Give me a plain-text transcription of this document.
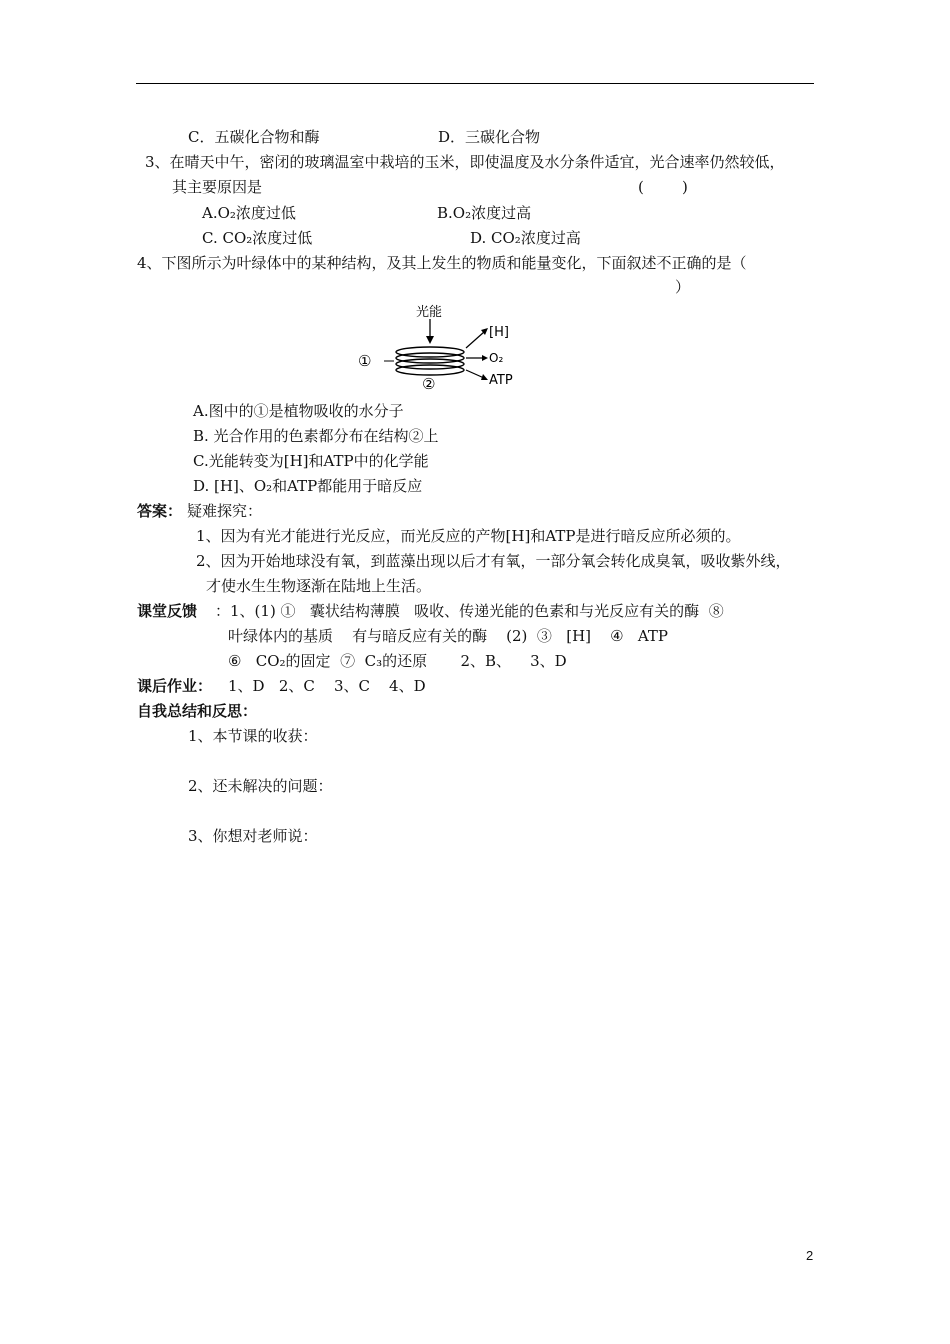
C．五碳化合物和酶	D．三碳化合物
3、在晴天中午，密闭的玻璃温室中栽培的玉米，即使温度及水分条件适宜，光合速率仍然较低，
其主要原因是	(        )
A.O₂浓度过低	B.O₂浓度过高
C. CO₂浓度过低	D. CO₂浓度过高
4、下图所示为叶绿体中的某种结构，及其上发生的物质和能量变化，下面叙述不正确的是（
）
光能
①
②
[H]
O₂
ATP
A.图中的①是植物吸收的水分子
B. 光合作用的色素都分布在结构②上
C.光能转变为[H]和ATP中的化学能
D. [H]、O₂和ATP都能用于暗反应
答案： 疑难探究：
1、因为有光才能进行光反应，而光反应的产物[H]和ATP是进行暗反应所必须的。
2、因为开始地球没有氧，到蓝藻出现以后才有氧，一部分氧会转化成臭氧，吸收紫外线，
才使水生生物逐渐在陆地上生活。
课堂反馈 ：1、(1) ①   囊状结构薄膜   吸收、传递光能的色素和与光反应有关的酶  ⑧
叶绿体内的基质    有与暗反应有关的酶    (2)  ③   [H]    ④   ATP
⑥   CO₂的固定  ⑦  C₃的还原       2、B、    3、D
课后作业： 1、D   2、C    3、C    4、D
自我总结和反思：
1、本节课的收获：
2、还未解决的问题：
3、你想对老师说：
2
